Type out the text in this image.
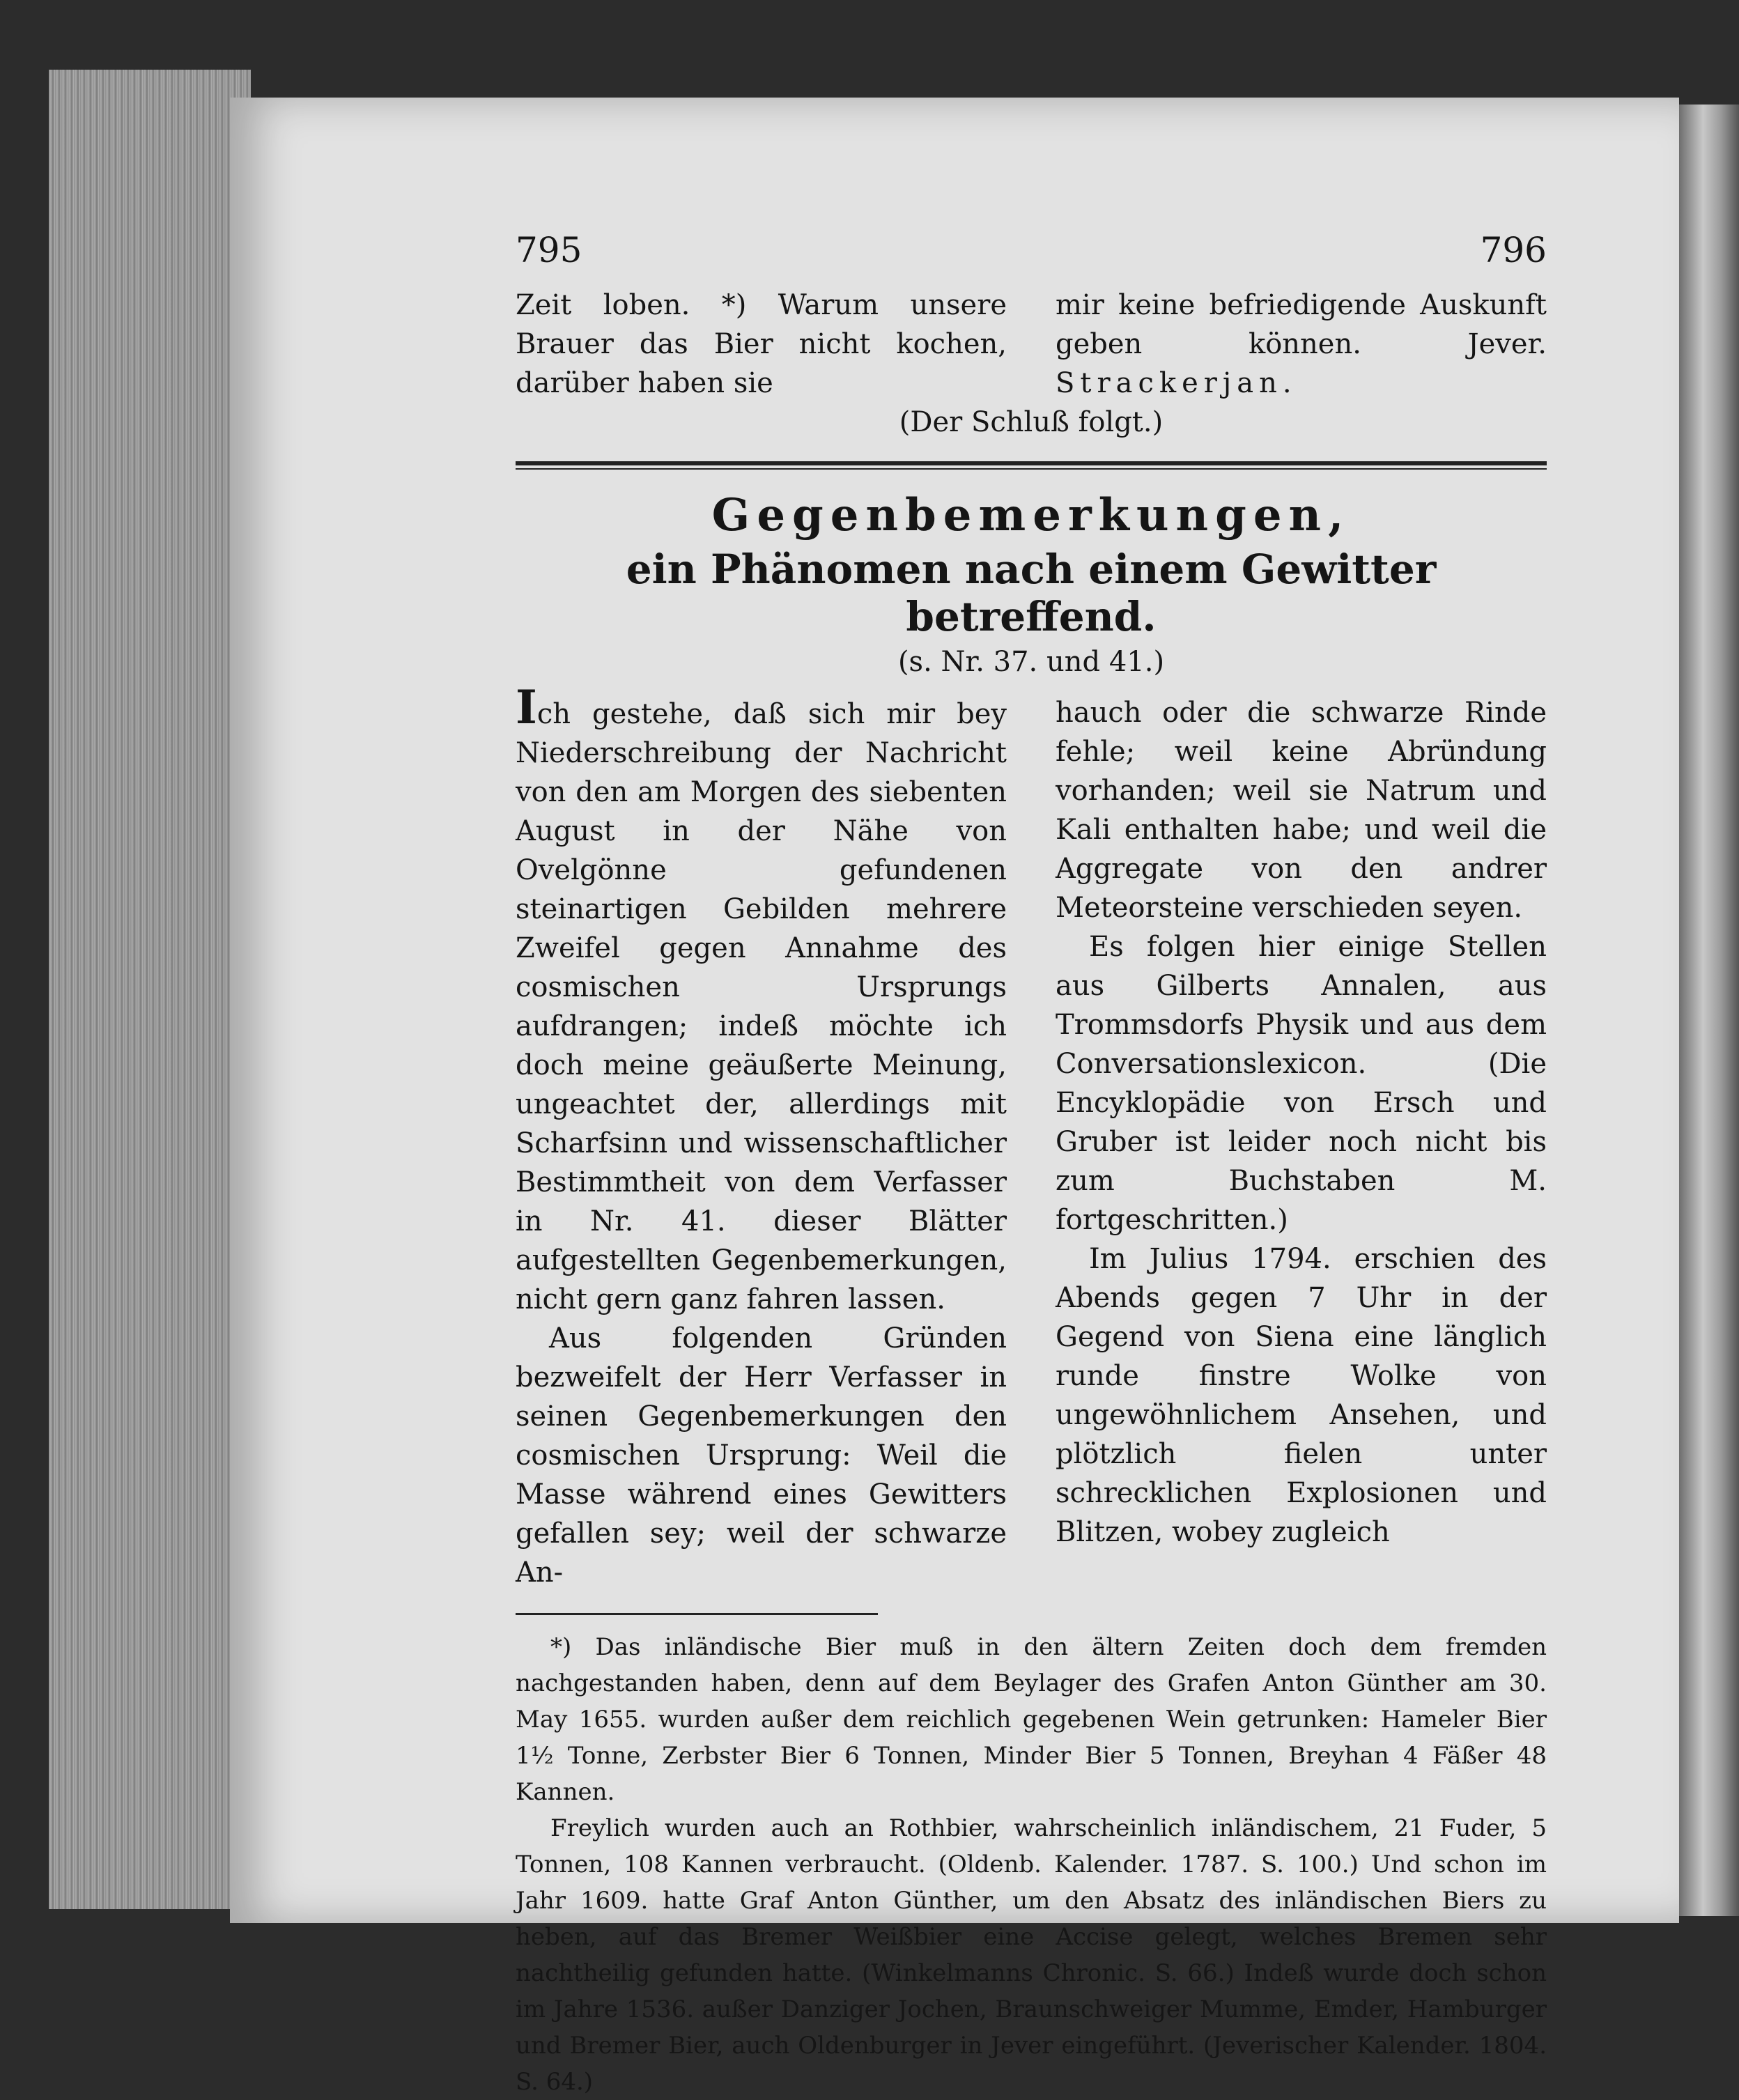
795	796

Zeit loben. *) Warum unsere Brauer das Bier nicht kochen, darüber haben sie

mir keine befriedigende Auskunft geben können. Jever. Strackerjan.

(Der Schluß folgt.)
Gegenbemerkungen,
ein Phänomen nach einem Gewitter betreffend.
(s. Nr. 37. und 41.)

Ich gestehe, daß sich mir bey Niederschreibung der Nachricht von den am Morgen des siebenten August in der Nähe von Ovelgönne gefundenen steinartigen Gebilden mehrere Zweifel gegen Annahme des cosmischen Ursprungs aufdrangen; indeß möchte ich doch meine geäußerte Meinung, ungeachtet der, allerdings mit Scharfsinn und wissenschaftlicher Bestimmtheit von dem Verfasser in Nr. 41. dieser Blätter aufgestellten Gegenbemerkungen, nicht gern ganz fahren lassen.

Aus folgenden Gründen bezweifelt der Herr Verfasser in seinen Gegenbemerkungen den cosmischen Ursprung: Weil die Masse während eines Gewitters gefallen sey; weil der schwarze An-

hauch oder die schwarze Rinde fehle; weil keine Abründung vorhanden; weil sie Natrum und Kali enthalten habe; und weil die Aggregate von den andrer Meteorsteine verschieden seyen.

Es folgen hier einige Stellen aus Gilberts Annalen, aus Trommsdorfs Physik und aus dem Conversationslexicon. (Die Encyklopädie von Ersch und Gruber ist leider noch nicht bis zum Buchstaben M. fortgeschritten.)

Im Julius 1794. erschien des Abends gegen 7 Uhr in der Gegend von Siena eine länglich runde finstre Wolke von ungewöhnlichem Ansehen, und plötzlich fielen unter schrecklichen Explosionen und Blitzen, wobey zugleich

*) Das inländische Bier muß in den ältern Zeiten doch dem fremden nachgestanden haben, denn auf dem Beylager des Grafen Anton Günther am 30. May 1655. wurden außer dem reichlich gegebenen Wein getrunken: Hameler Bier 1½ Tonne, Zerbster Bier 6 Tonnen, Minder Bier 5 Tonnen, Breyhan 4 Fäßer 48 Kannen.

Freylich wurden auch an Rothbier, wahrscheinlich inländischem, 21 Fuder, 5 Tonnen, 108 Kannen verbraucht. (Oldenb. Kalender. 1787. S. 100.) Und schon im Jahr 1609. hatte Graf Anton Günther, um den Absatz des inländischen Biers zu heben, auf das Bremer Weißbier eine Accise gelegt, welches Bremen sehr nachtheilig gefunden hatte. (Winkelmanns Chronic. S. 66.) Indeß wurde doch schon im Jahre 1536. außer Danziger Jochen, Braunschweiger Mumme, Emder, Hamburger und Bremer Bier, auch Oldenburger in Jever eingeführt. (Jeverischer Kalender. 1804. S. 64.)
